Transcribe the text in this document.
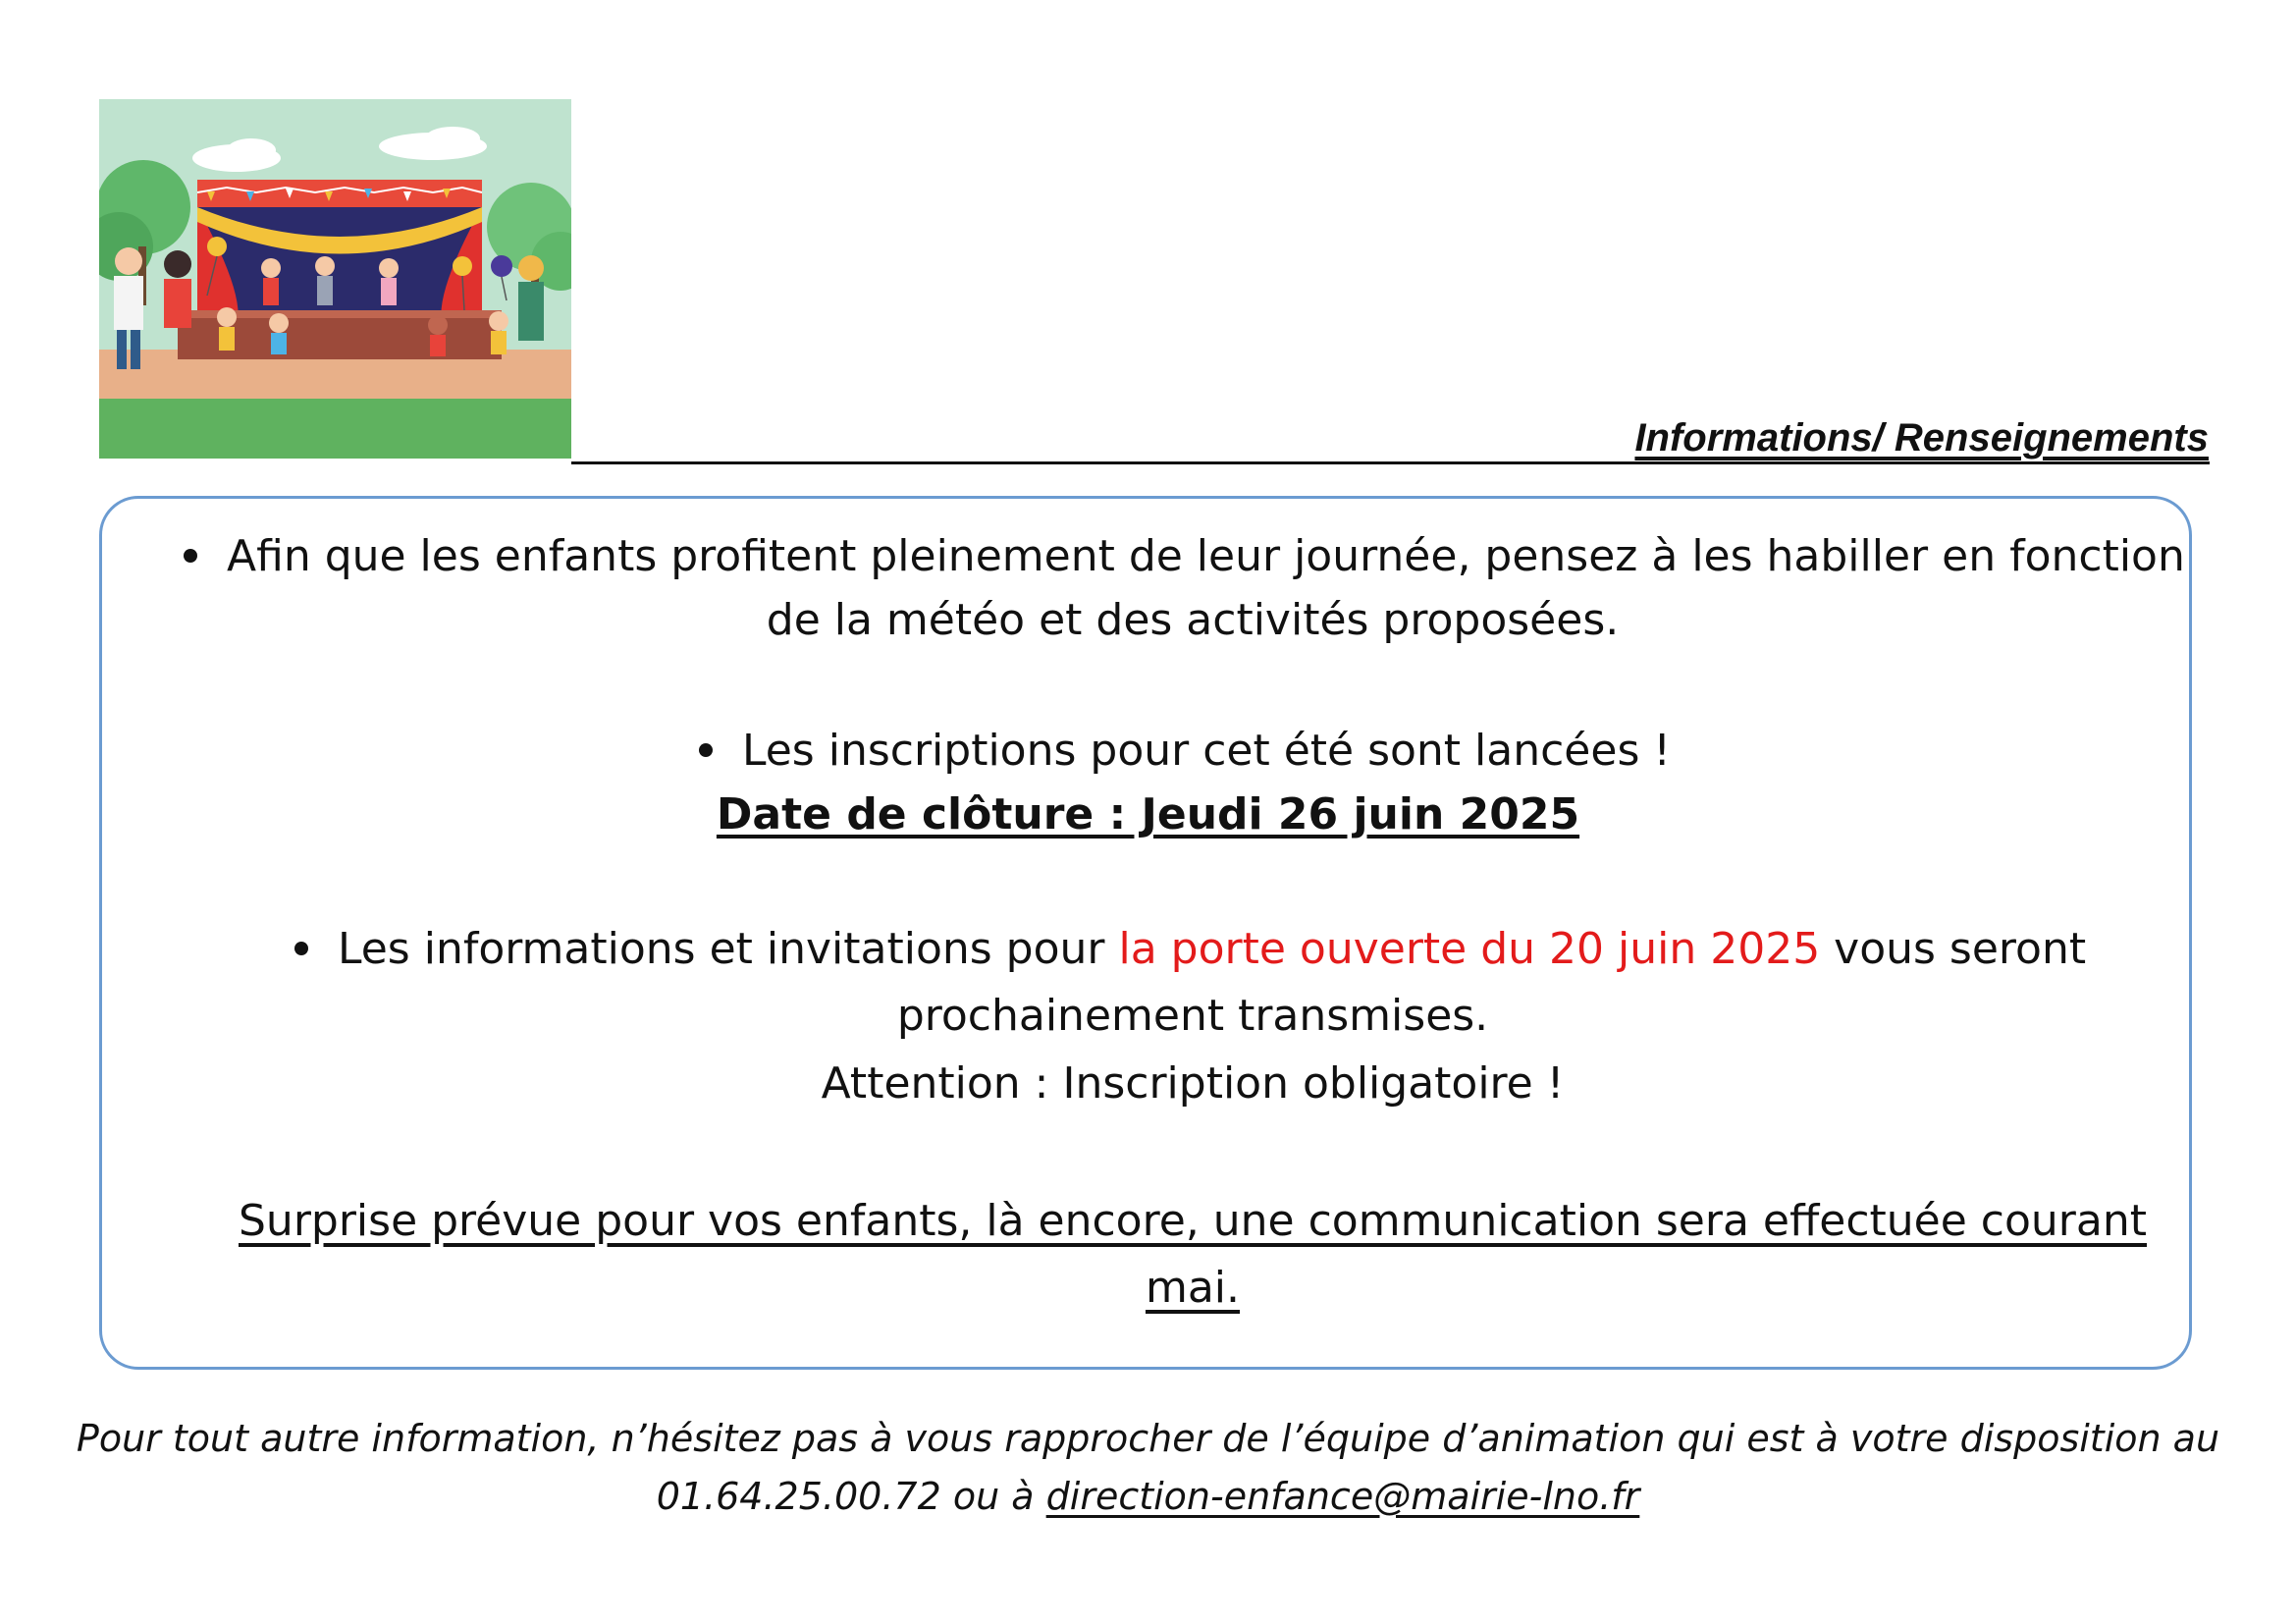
Informations/ Renseignements
Afin que les enfants profitent pleinement de leur journée, pensez à les habiller en fonction
de la météo et des activités proposées.
Les inscriptions pour cet été sont lancées !
Date de clôture : Jeudi 26 juin 2025
Les informations et invitations pour la porte ouverte du 20 juin 2025 vous seront
prochainement transmises.
Attention : Inscription obligatoire !
Surprise prévue pour vos enfants, là encore, une communication sera effectuée courant
mai.
Pour tout autre information, n’hésitez pas à vous rapprocher de l’équipe d’animation qui est à votre disposition au
01.64.25.00.72 ou à direction-enfance@mairie-lno.fr
